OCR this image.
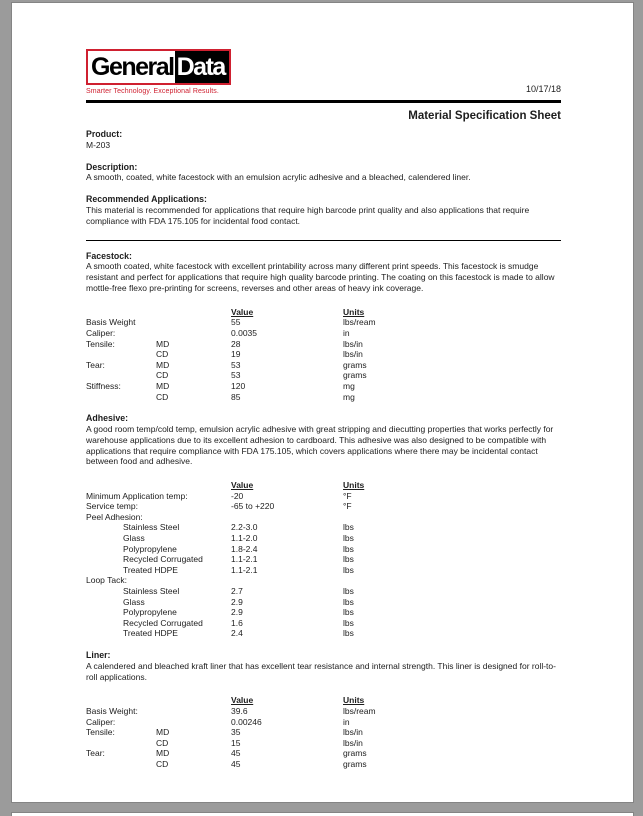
General Data
Smarter Technology. Exceptional Results.	10/17/18
Material Specification Sheet
Product:
M-203
Description:
A smooth, coated, white facestock with an emulsion acrylic adhesive and a bleached, calendered liner.
Recommended Applications:
This material is recommended for applications that require high barcode print quality and also applications that require compliance with FDA 175.105 for incidental food contact.
Facestock:
A smooth coated, white facestock with excellent printability across many different print speeds. This facestock is smudge resistant and perfect for applications that require high quality barcode printing. The coating on this facestock is made to allow mottle-free flexo pre-printing for screens, reverses and other areas of heavy ink coverage.
Value	Units
Basis Weight	55	lbs/ream
Caliper:	0.0035	in
Tensile:	MD	28	lbs/in
CD	19	lbs/in
Tear:	MD	53	grams
CD	53	grams
Stiffness:	MD	120	mg
CD	85	mg
Adhesive:
A good room temp/cold temp, emulsion acrylic adhesive with great stripping and diecutting properties that works perfectly for warehouse applications due to its excellent adhesion to cardboard. This adhesive was also designed to be compatible with applications that require compliance with FDA 175.105, which covers applications where there may be incidental contact between food and adhesive.
Value	Units
Minimum Application temp:	-20	°F
Service temp:	-65 to +220	°F
Peel Adhesion:
Stainless Steel	2.2-3.0	lbs
Glass	1.1-2.0	lbs
Polypropylene	1.8-2.4	lbs
Recycled Corrugated	1.1-2.1	lbs
Treated HDPE	1.1-2.1	lbs
Loop Tack:
Stainless Steel	2.7	lbs
Glass	2.9	lbs
Polypropylene	2.9	lbs
Recycled Corrugated	1.6	lbs
Treated HDPE	2.4	lbs
Liner:
A calendered and bleached kraft liner that has excellent tear resistance and internal strength. This liner is designed for roll-to-roll applications.
Value	Units
Basis Weight:	39.6	lbs/ream
Caliper:	0.00246	in
Tensile:	MD	35	lbs/in
CD	15	lbs/in
Tear:	MD	45	grams
CD	45	grams
